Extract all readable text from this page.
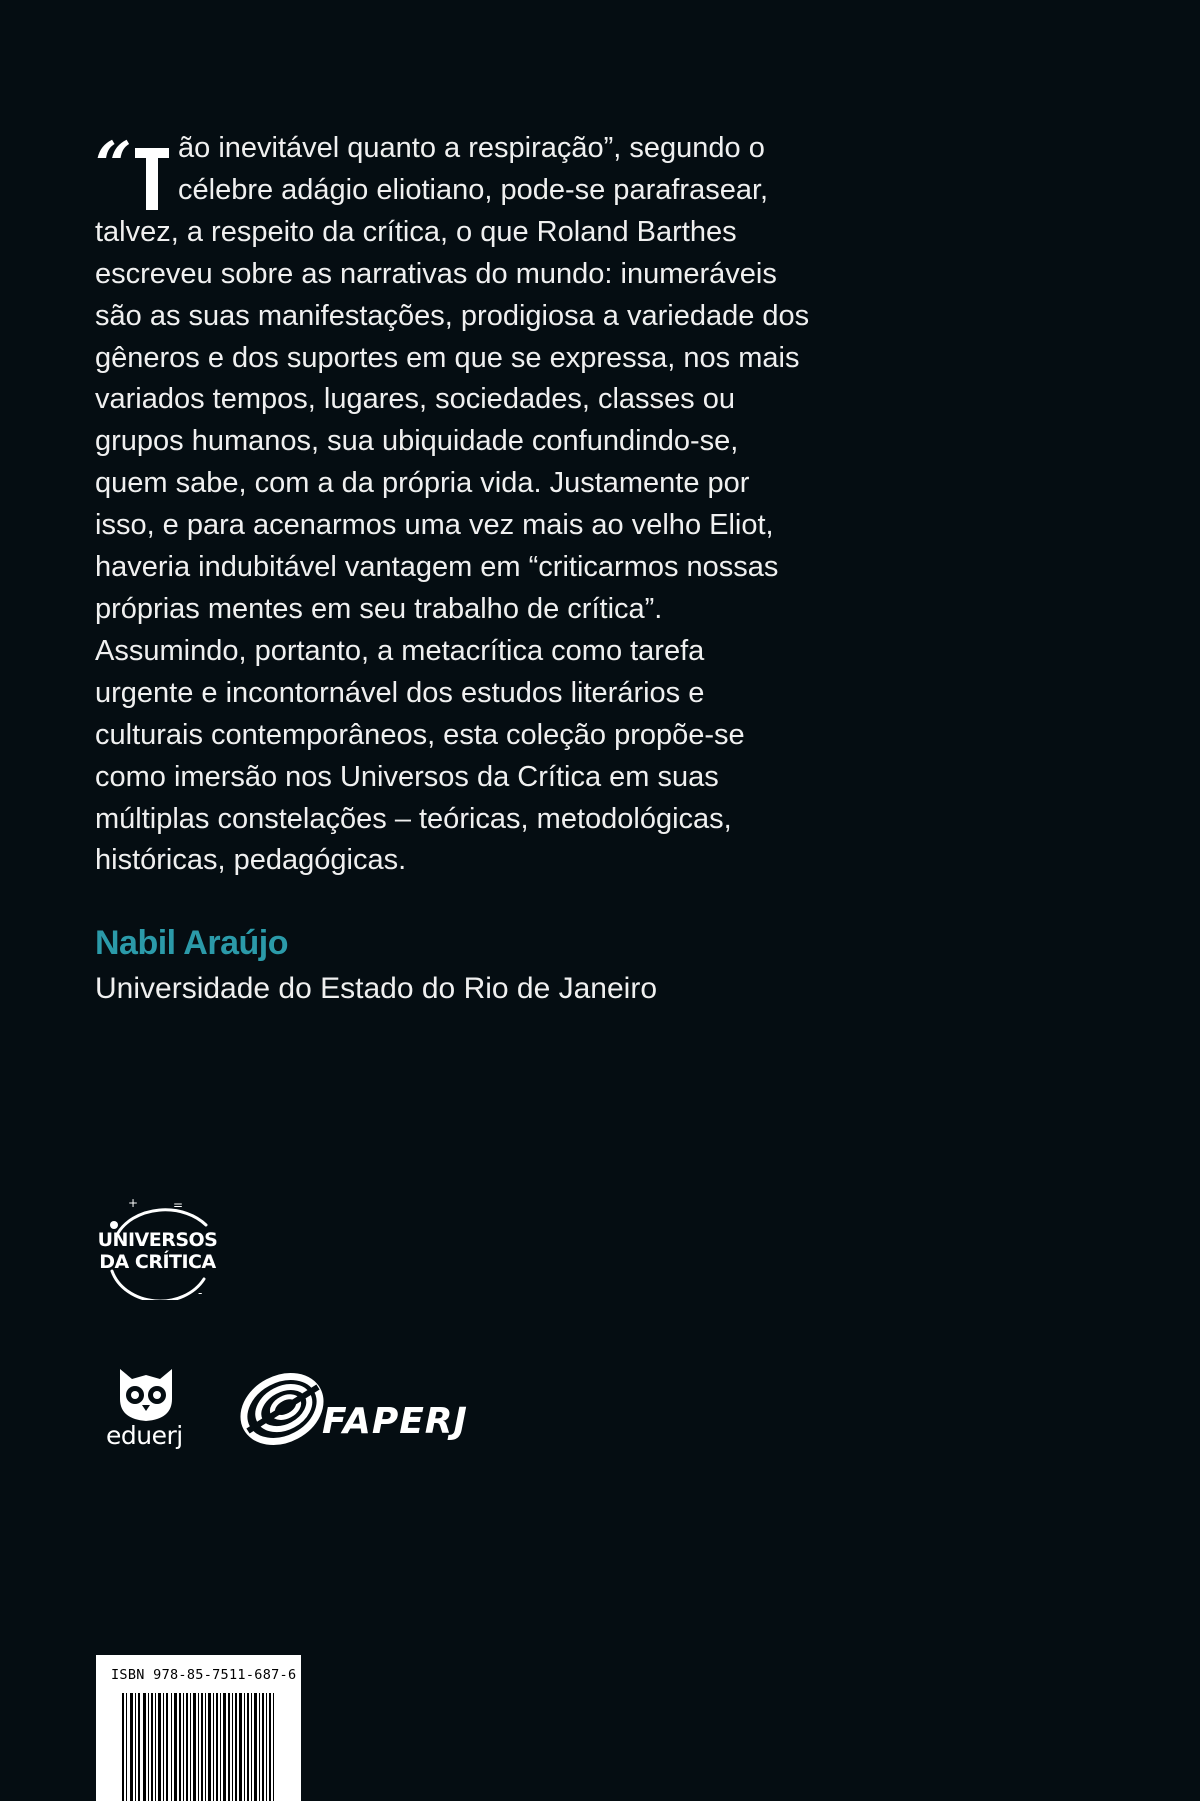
“	ão inevitável quanto a respiração”, segundo o
célebre adágio eliotiano, pode-se parafrasear,
talvez, a respeito da crítica, o que Roland Barthes
escreveu sobre as narrativas do mundo: inumeráveis
são as suas manifestações, prodigiosa a variedade dos
gêneros e dos suportes em que se expressa, nos mais
variados tempos, lugares, sociedades, classes ou
grupos humanos, sua ubiquidade confundindo-se,
quem sabe, com a da própria vida. Justamente por
isso, e para acenarmos uma vez mais ao velho Eliot,
haveria indubitável vantagem em “criticarmos nossas
próprias mentes em seu trabalho de crítica”.
Assumindo, portanto, a metacrítica como tarefa
urgente e incontornável dos estudos literários e
culturais contemporâneos, esta coleção propõe-se
como imersão nos Universos da Crítica em suas
múltiplas constelações – teóricas, metodológicas,
históricas, pedagógicas.
Nabil Araújo
Universidade do Estado do Rio de Janeiro
+	=
-
UNIVERSOS
DA CRÍTICA
eduerj	FAPERJ
ISBN 978-85-7511-687-6
